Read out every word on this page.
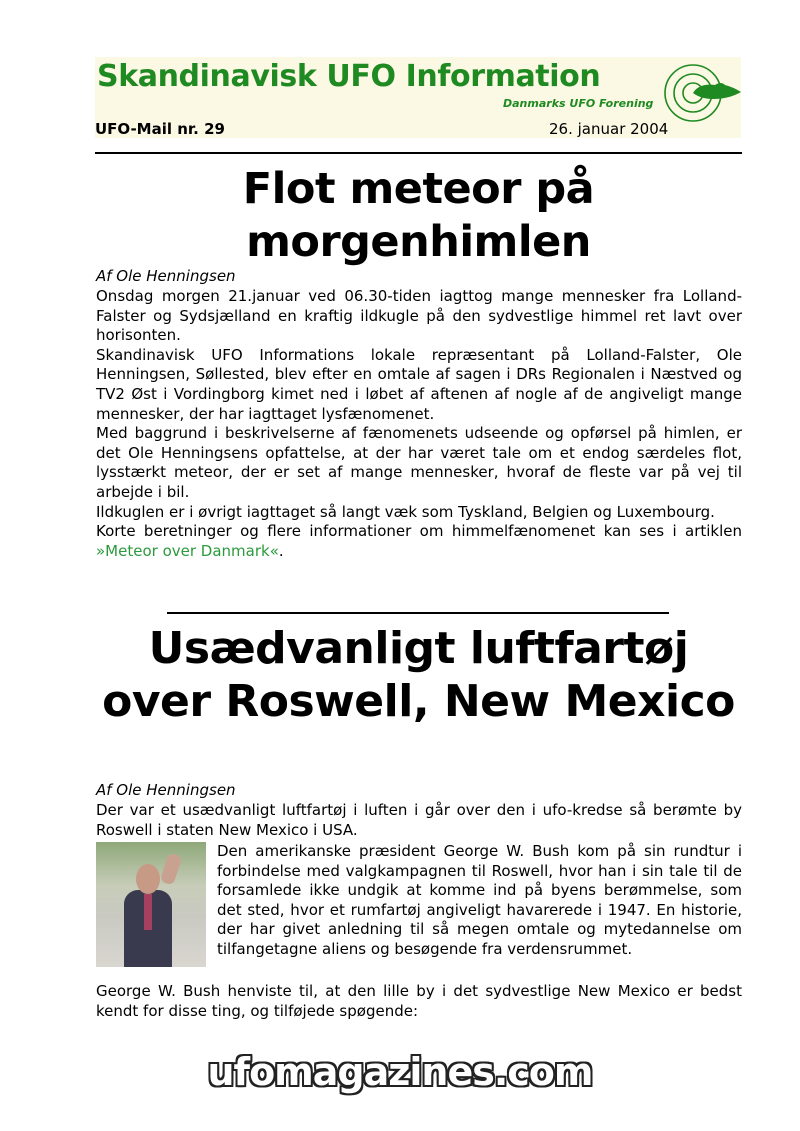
Skandinavisk UFO Information
Danmarks UFO Forening
UFO-Mail nr. 29	26. januar 2004
Flot meteor på morgenhimlen
Af Ole Henningsen

Onsdag morgen 21.januar ved 06.30-tiden iagttog mange mennesker fra Lolland-Falster og Sydsjælland en kraftig ildkugle på den sydvestlige himmel ret lavt over horisonten.

Skandinavisk UFO Informations lokale repræsentant på Lolland-Falster, Ole Henningsen, Søllested, blev efter en omtale af sagen i DRs Regionalen i Næstved og TV2 Øst i Vordingborg kimet ned i løbet af aftenen af nogle af de angiveligt mange mennesker, der har iagttaget lysfænomenet.

Med baggrund i beskrivelserne af fænomenets udseende og opførsel på himlen, er det Ole Henningsens opfattelse, at der har været tale om et endog særdeles flot, lysstærkt meteor, der er set af mange mennesker, hvoraf de fleste var på vej til arbejde i bil.

Ildkuglen er i øvrigt iagttaget så langt væk som Tyskland, Belgien og Luxembourg.

Korte beretninger og flere informationer om himmelfænomenet kan ses i artiklen »Meteor over Danmark«.

Usædvanligt luftfartøj over Roswell, New Mexico
Af Ole Henningsen
Der var et usædvanligt luftfartøj i luften i går over den i ufo-kredse så berømte by Roswell i staten New Mexico i USA.

Den amerikanske præsident George W. Bush kom på sin rundtur i forbindelse med valgkampagnen til Roswell, hvor han i sin tale til de forsamlede ikke undgik at komme ind på byens berømmelse, som det sted, hvor et rumfartøj angiveligt havarerede i 1947. En historie, der har givet anledning til så megen omtale og mytedannelse om tilfangetagne aliens og besøgende fra verdensrummet.

George W. Bush henviste til, at den lille by i det sydvestlige New Mexico er bedst kendt for disse ting, og tilføjede spøgende:
ufomagazines.com
